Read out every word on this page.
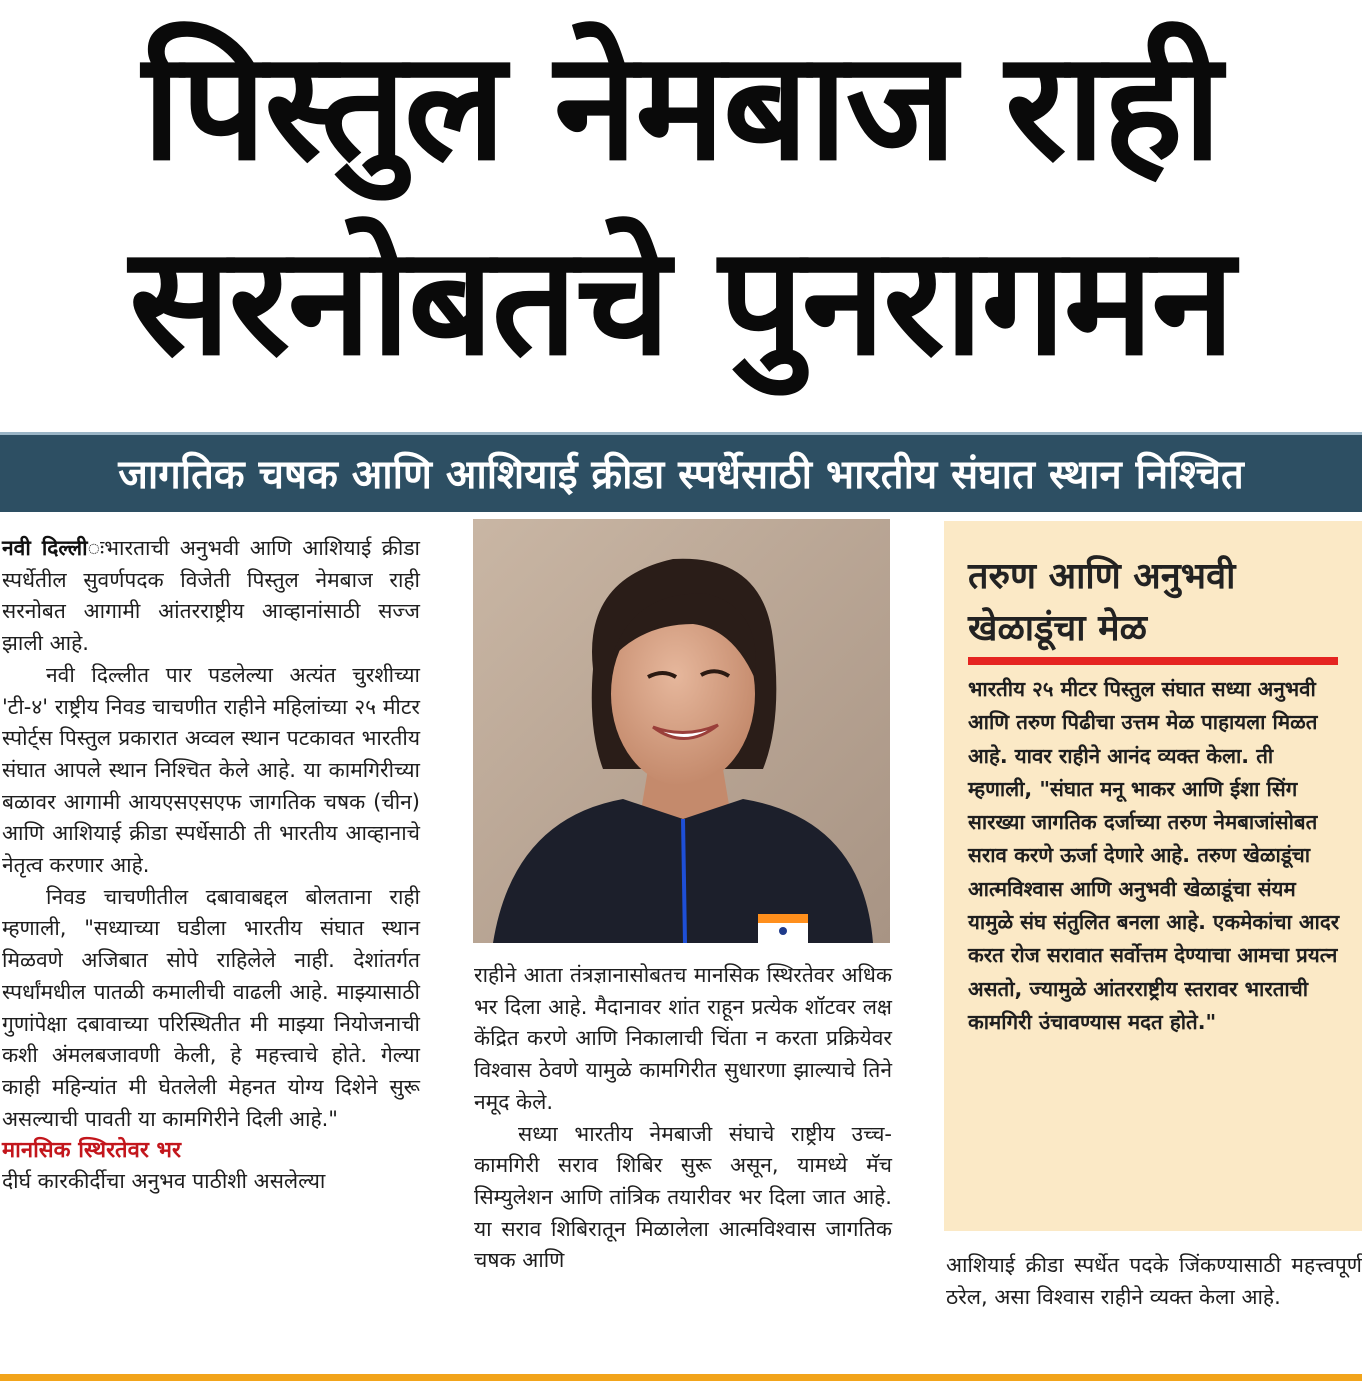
पिस्तुल नेमबाज राही
सरनोबतचे पुनरागमन
जागतिक चषक आणि आशियाई क्रीडा स्पर्धेसाठी भारतीय संघात स्थान निश्चित

नवी दिल्लीःभारताची अनुभवी आणि आशियाई क्रीडा स्पर्धेतील सुवर्णपदक विजेती पिस्तुल नेमबाज राही सरनोबत आगामी आंतरराष्ट्रीय आव्हानांसाठी सज्ज झाली आहे.

नवी दिल्लीत पार पडलेल्या अत्यंत चुरशीच्या 'टी-४' राष्ट्रीय निवड चाचणीत राहीने महिलांच्या २५ मीटर स्पोर्ट्स पिस्तुल प्रकारात अव्वल स्थान पटकावत भारतीय संघात आपले स्थान निश्चित केले आहे. या कामगिरीच्या बळावर आगामी आयएसएसएफ जागतिक चषक (चीन) आणि आशियाई क्रीडा स्पर्धेसाठी ती भारतीय आव्हानाचे नेतृत्व करणार आहे.

निवड चाचणीतील दबावाबद्दल बोलताना राही म्हणाली, "सध्याच्या घडीला भारतीय संघात स्थान मिळवणे अजिबात सोपे राहिलेले नाही. देशांतर्गत स्पर्धांमधील पातळी कमालीची वाढली आहे. माझ्यासाठी गुणांपेक्षा दबावाच्या परिस्थितीत मी माझ्या नियोजनाची कशी अंमलबजावणी केली, हे महत्त्वाचे होते. गेल्या काही महिन्यांत मी घेतलेली मेहनत योग्य दिशेने सुरू असल्याची पावती या कामगिरीने दिली आहे."

मानसिक स्थिरतेवर भर

दीर्घ कारकीर्दीचा अनुभव पाठीशी असलेल्या

राहीने आता तंत्रज्ञानासोबतच मानसिक स्थिरतेवर अधिक भर दिला आहे. मैदानावर शांत राहून प्रत्येक शॉटवर लक्ष केंद्रित करणे आणि निकालाची चिंता न करता प्रक्रियेवर विश्वास ठेवणे यामुळे कामगिरीत सुधारणा झाल्याचे तिने नमूद केले.

सध्या भारतीय नेमबाजी संघाचे राष्ट्रीय उच्च-कामगिरी सराव शिबिर सुरू असून, यामध्ये मॅच सिम्युलेशन आणि तांत्रिक तयारीवर भर दिला जात आहे. या सराव शिबिरातून मिळालेला आत्मविश्वास जागतिक चषक आणि

तरुण आणि अनुभवी खेळाडूंचा मेळ
भारतीय २५ मीटर पिस्तुल संघात सध्या अनुभवी आणि तरुण पिढीचा उत्तम मेळ पाहायला मिळत आहे. यावर राहीने आनंद व्यक्त केला. ती म्हणाली, "संघात मनू भाकर आणि ईशा सिंग सारख्या जागतिक दर्जाच्या तरुण नेमबाजांसोबत सराव करणे ऊर्जा देणारे आहे. तरुण खेळाडूंचा आत्मविश्वास आणि अनुभवी खेळाडूंचा संयम यामुळे संघ संतुलित बनला आहे. एकमेकांचा आदर करत रोज सरावात सर्वोत्तम देण्याचा आमचा प्रयत्न असतो, ज्यामुळे आंतरराष्ट्रीय स्तरावर भारताची कामगिरी उंचावण्यास मदत होते."

आशियाई क्रीडा स्पर्धेत पदके जिंकण्यासाठी महत्त्वपूर्ण ठरेल, असा विश्वास राहीने व्यक्त केला आहे.
